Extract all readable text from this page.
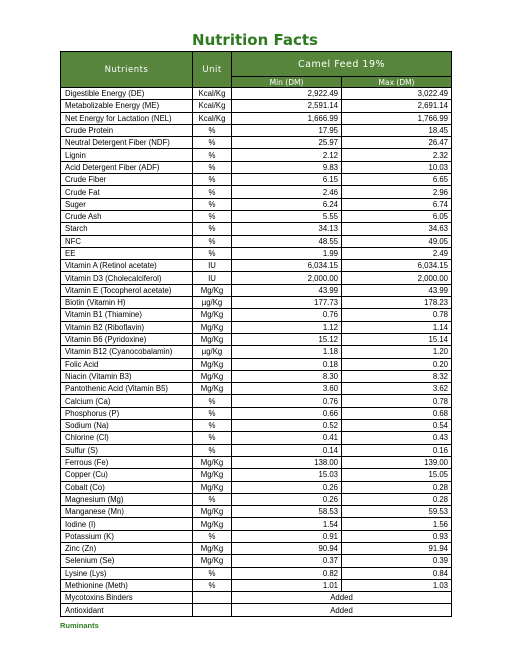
Nutrition Facts
Nutrients	Unit	Camel Feed 19%	
		Min (DM)	Max (DM)
Digestible Energy (DE)	Kcal/Kg	2,922.49	3,022.49
Metabolizable Energy (ME)	Kcal/Kg	2,591.14	2,691.14
Net Energy for Lactation (NEL)	Kcal/Kg	1,666.99	1,766.99
Crude Protein	%	17.95	18.45
Neutral Detergent Fiber (NDF)	%	25.97	26.47
Lignin	%	2.12	2.32
Acid Detergent Fiber (ADF)	%	9.83	10.03
Crude Fiber	%	6.15	6.65
Crude Fat	%	2.46	2.96
Suger	%	6.24	6.74
Crude Ash	%	5.55	6.05
Starch	%	34.13	34.63
NFC	%	48.55	49.05
EE	%	1.99	2.49
Vitamin A (Retinol acetate)	IU	6,034.15	6,034.15
Vitamin D3 (Cholecalciferol)	IU	2,000.00	2,000.00
Vitamin E (Tocopherol acetate)	Mg/Kg	43.99	43.99
Biotin (Vitamin H)	µg/Kg	177.73	178.23
Vitamin B1 (Thiamine)	Mg/Kg	0.76	0.78
Vitamin B2 (Riboflavin)	Mg/Kg	1.12	1.14
Vitamin B6 (Pyridoxine)	Mg/Kg	15.12	15.14
Vitamin B12 (Cyanocobalamin)	µg/Kg	1.18	1.20
Folic Acid	Mg/Kg	0.18	0.20
Niacin (Vitamin B3)	Mg/Kg	8.30	8.32
Pantothenic Acid (Vitamin B5)	Mg/Kg	3.60	3.62
Calcium (Ca)	%	0.76	0.78
Phosphorus (P)	%	0.66	0.68
Sodium (Na)	%	0.52	0.54
Chlorine (Cl)	%	0.41	0.43
Sulfur (S)	%	0.14	0.16
Ferrous (Fe)	Mg/Kg	138.00	139.00
Copper (Cu)	Mg/Kg	15.03	15.05
Cobalt (Co)	Mg/Kg	0.26	0.28
Magnesium (Mg)	%	0.26	0.28
Manganese (Mn)	Mg/Kg	58.53	59.53
Iodine (I)	Mg/Kg	1.54	1.56
Potassium (K)	%	0.91	0.93
Zinc (Zn)	Mg/Kg	90.94	91.94
Selenium (Se)	Mg/Kg	0.37	0.39
Lysine (Lys)	%	0.82	0.84
Methionine (Meth)	%	1.01	1.03
Mycotoxins Binders		Added	
Antioxidant		Added	
Ruminants
